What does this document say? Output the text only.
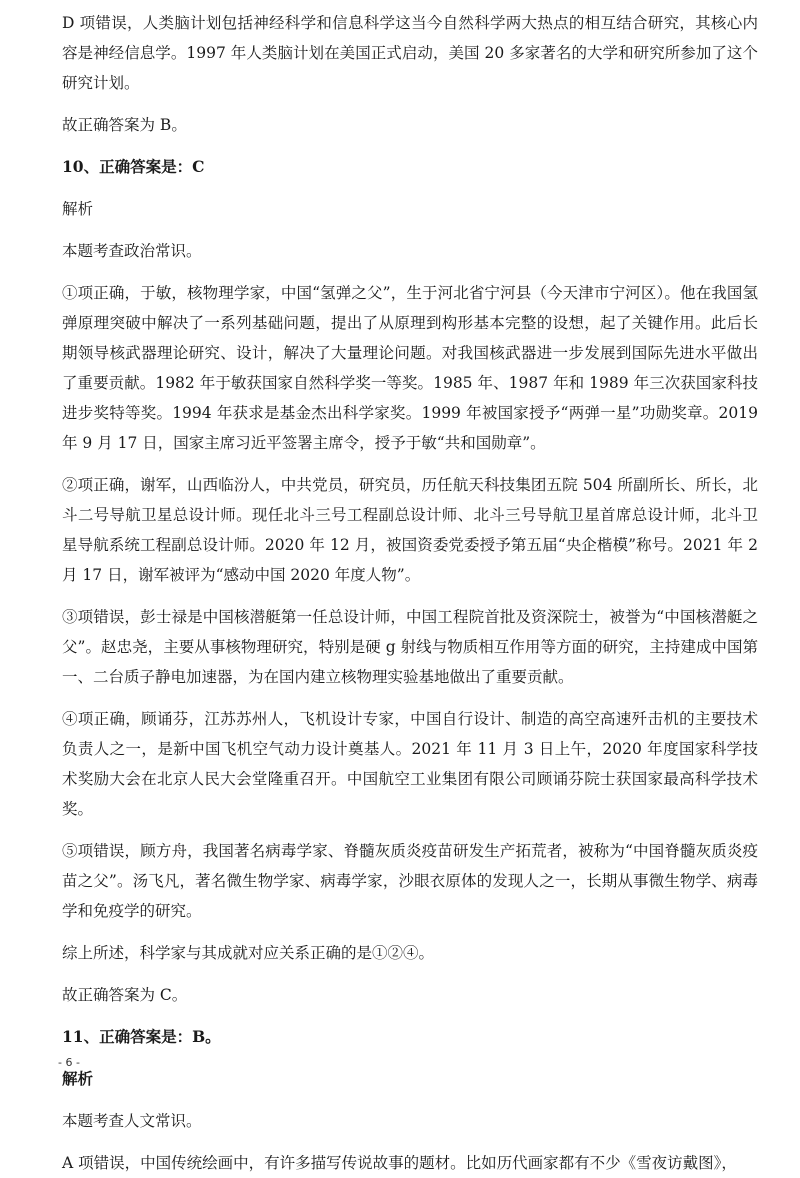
D 项错误，人类脑计划包括神经科学和信息科学这当今自然科学两大热点的相互结合研究，其核心内容是神经信息学。1997 年人类脑计划在美国正式启动，美国 20 多家著名的大学和研究所参加了这个研究计划。

故正确答案为 B。

10、正确答案是：C

解析

本题考查政治常识。

①项正确，于敏，核物理学家，中国“氢弹之父”，生于河北省宁河县（今天津市宁河区）。他在我国氢弹原理突破中解决了一系列基础问题，提出了从原理到构形基本完整的设想，起了关键作用。此后长期领导核武器理论研究、设计，解决了大量理论问题。对我国核武器进一步发展到国际先进水平做出了重要贡献。1982 年于敏获国家自然科学奖一等奖。1985 年、1987 年和 1989 年三次获国家科技进步奖特等奖。1994 年获求是基金杰出科学家奖。1999 年被国家授予“两弹一星”功勋奖章。2019 年 9 月 17 日，国家主席习近平签署主席令，授予于敏“共和国勋章”。

②项正确，谢军，山西临汾人，中共党员，研究员，历任航天科技集团五院 504 所副所长、所长，北斗二号导航卫星总设计师。现任北斗三号工程副总设计师、北斗三号导航卫星首席总设计师，北斗卫星导航系统工程副总设计师。2020 年 12 月，被国资委党委授予第五届“央企楷模”称号。2021 年 2 月 17 日，谢军被评为“感动中国 2020 年度人物”。

③项错误，彭士禄是中国核潜艇第一任总设计师，中国工程院首批及资深院士，被誉为“中国核潜艇之父”。赵忠尧，主要从事核物理研究，特别是硬 g 射线与物质相互作用等方面的研究，主持建成中国第一、二台质子静电加速器，为在国内建立核物理实验基地做出了重要贡献。

④项正确，顾诵芬，江苏苏州人，飞机设计专家，中国自行设计、制造的高空高速歼击机的主要技术负责人之一，是新中国飞机空气动力设计奠基人。2021 年 11 月 3 日上午，2020 年度国家科学技术奖励大会在北京人民大会堂隆重召开。中国航空工业集团有限公司顾诵芬院士获国家最高科学技术奖。

⑤项错误，顾方舟，我国著名病毒学家、脊髓灰质炎疫苗研发生产拓荒者，被称为“中国脊髓灰质炎疫苗之父”。汤飞凡，著名微生物学家、病毒学家，沙眼衣原体的发现人之一，长期从事微生物学、病毒学和免疫学的研究。

综上所述，科学家与其成就对应关系正确的是①②④。

故正确答案为 C。

11、正确答案是：B。

解析

本题考查人文常识。

A 项错误，中国传统绘画中，有许多描写传说故事的题材。比如历代画家都有不少《雪夜访戴图》，

- 6 -
